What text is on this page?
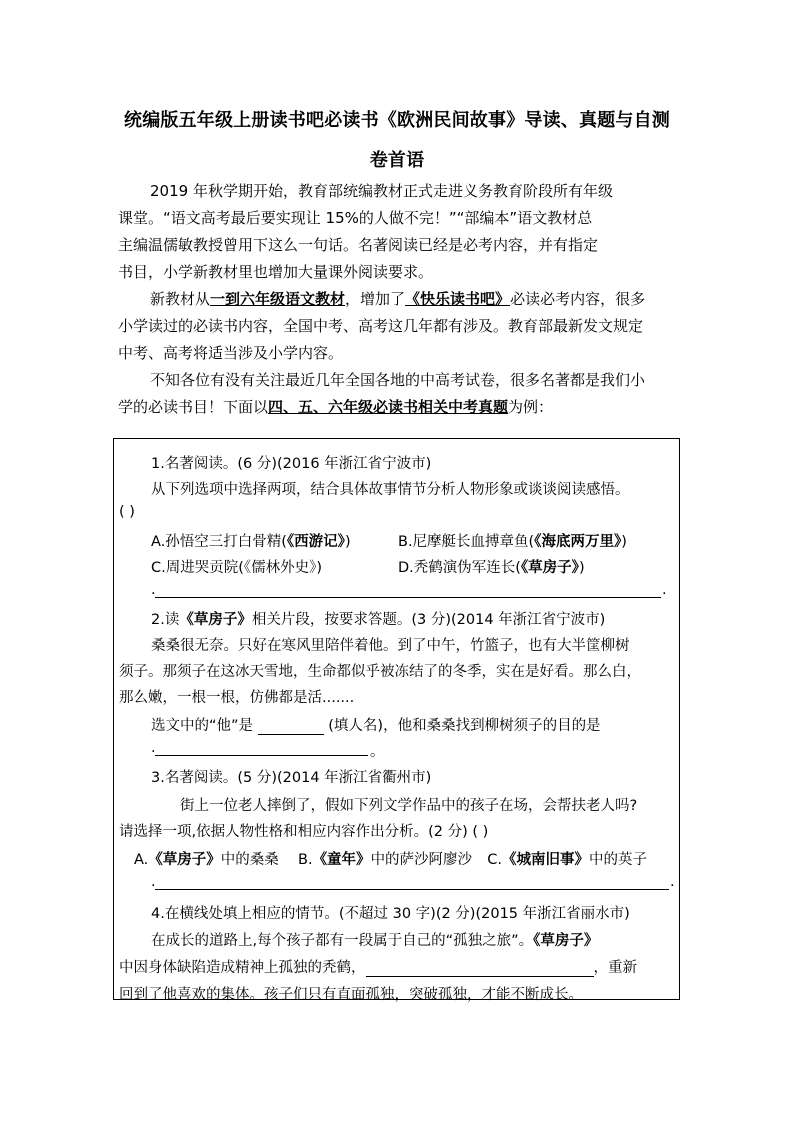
统编版五年级上册读书吧必读书《欧洲民间故事》导读、真题与自测
卷首语
2019 年秋学期开始，教育部统编教材正式走进义务教育阶段所有年级
课堂。“语文高考最后要实现让 15%的人做不完！”“部编本”语文教材总
主编温儒敏教授曾用下这么一句话。名著阅读已经是必考内容，并有指定
书目，小学新教材里也增加大量课外阅读要求。
新教材从一到六年级语文教材，增加了《快乐读书吧》必读必考内容，很多
小学读过的必读书内容，全国中考、高考这几年都有涉及。教育部最新发文规定
中考、高考将适当涉及小学内容。
不知各位有没有关注最近几年全国各地的中高考试卷，很多名著都是我们小
学的必读书目！下面以四、五、六年级必读书相关中考真题为例：
1.名著阅读。(6 分)(2016 年浙江省宁波市)
从下列选项中选择两项，结合具体故事情节分析人物形象或谈谈阅读感悟。
( )
A.孙悟空三打白骨精(《西游记》)	B.尼摩艇长血搏章鱼(《海底两万里》)
C.周进哭贡院(《儒林外史》)	D.秃鹤演伪军连长(《草房子》)
.	.
2.读《草房子》相关片段，按要求答题。(3 分)(2014 年浙江省宁波市)
桑桑很无奈。只好在寒风里陪伴着他。到了中午，竹篮子，也有大半筐柳树
须子。那须子在这冰天雪地，生命都似乎被冻结了的冬季，实在是好看。那么白，
那么嫩，一根一根，仿佛都是活.......
选文中的“他”是	(填人名)，他和桑桑找到柳树须子的目的是
.	。
3.名著阅读。(5 分)(2014 年浙江省衢州市)
街上一位老人摔倒了，假如下列文学作品中的孩子在场，会帮扶老人吗?
请选择一项,依据人物性格和相应内容作出分析。(2 分) ( )
A.《草房子》中的桑桑 B.《童年》中的萨沙阿廖沙 C.《城南旧事》中的英子
.	.
4.在横线处填上相应的情节。(不超过 30 字)(2 分)(2015 年浙江省丽水市)
在成长的道路上,每个孩子都有一段属于自己的“孤独之旅”。《草房子》
中因身体缺陷造成精神上孤独的秃鹤，	，重新
回到了他喜欢的集体。孩子们只有直面孤独，突破孤独，才能不断成长。
